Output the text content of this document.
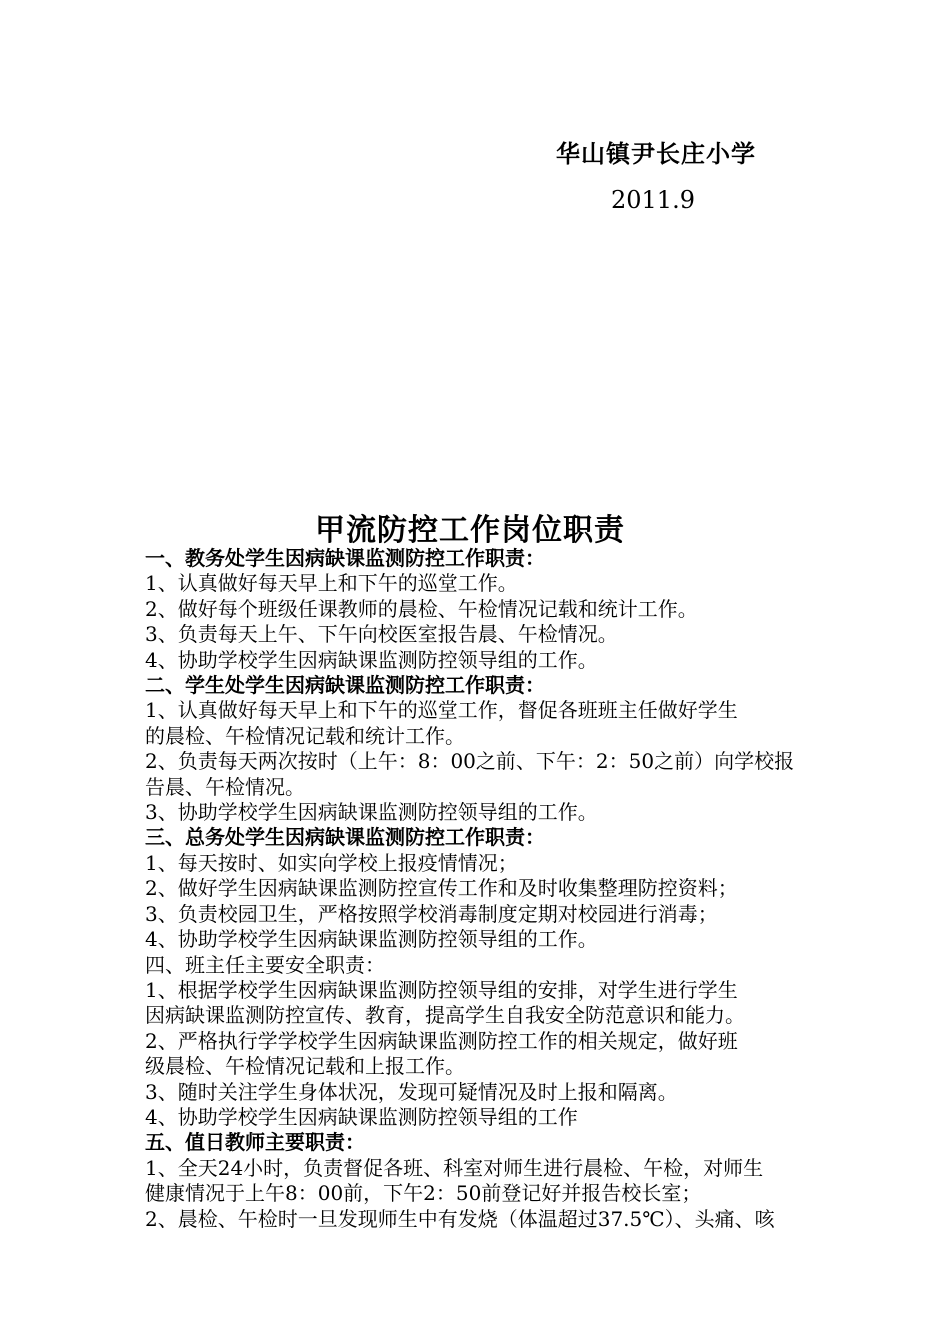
华山镇尹长庄小学
2011.9
甲流防控工作岗位职责
一、教务处学生因病缺课监测防控工作职责：
1、认真做好每天早上和下午的巡堂工作。
2、做好每个班级任课教师的晨检、午检情况记载和统计工作。
3、负责每天上午、下午向校医室报告晨、午检情况。
4、协助学校学生因病缺课监测防控领导组的工作。
二、学生处学生因病缺课监测防控工作职责：
1、认真做好每天早上和下午的巡堂工作，督促各班班主任做好学生
的晨检、午检情况记载和统计工作。
2、负责每天两次按时（上午：8：00之前、下午：2：50之前）向学校报
告晨、午检情况。
3、协助学校学生因病缺课监测防控领导组的工作。
三、总务处学生因病缺课监测防控工作职责：
1、每天按时、如实向学校上报疫情情况；
2、做好学生因病缺课监测防控宣传工作和及时收集整理防控资料；
3、负责校园卫生，严格按照学校消毒制度定期对校园进行消毒；
4、协助学校学生因病缺课监测防控领导组的工作。
四、班主任主要安全职责：
1、根据学校学生因病缺课监测防控领导组的安排，对学生进行学生
因病缺课监测防控宣传、教育，提高学生自我安全防范意识和能力。
2、严格执行学学校学生因病缺课监测防控工作的相关规定，做好班
级晨检、午检情况记载和上报工作。
3、随时关注学生身体状况，发现可疑情况及时上报和隔离。
4、协助学校学生因病缺课监测防控领导组的工作
五、值日教师主要职责：
1、全天24小时，负责督促各班、科室对师生进行晨检、午检，对师生
健康情况于上午8：00前，下午2：50前登记好并报告校长室；
2、晨检、午检时一旦发现师生中有发烧（体温超过37.5℃）、头痛、咳
